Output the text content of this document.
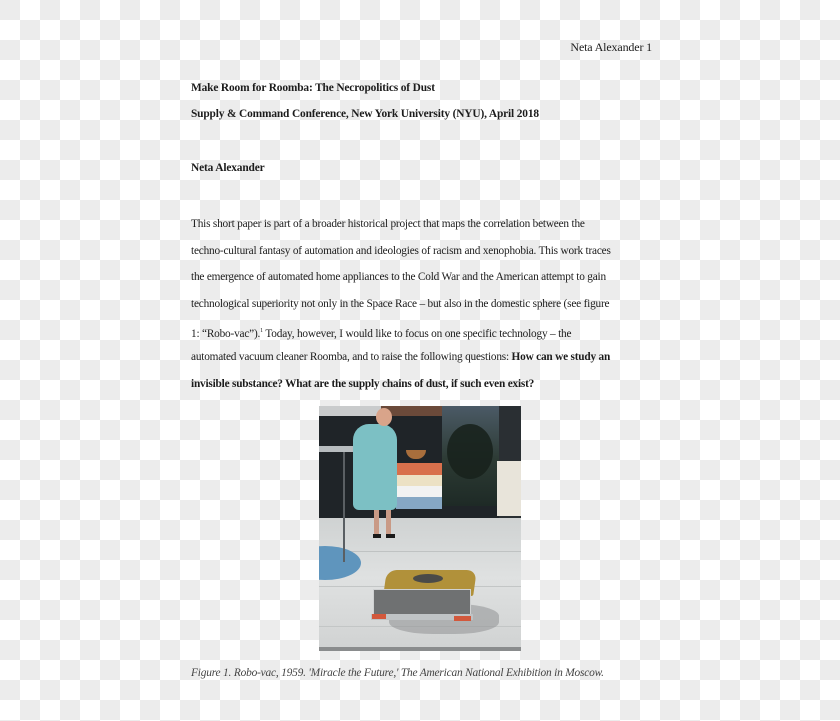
Neta Alexander 1
Make Room for Roomba: The Necropolitics of Dust
Supply & Command Conference, New York University (NYU), April 2018
Neta Alexander
This short paper is part of a broader historical project that maps the correlation between the
techno-cultural fantasy of automation and ideologies of racism and xenophobia. This work traces
the emergence of automated home appliances to the Cold War and the American attempt to gain
technological superiority not only in the Space Race – but also in the domestic sphere (see figure
1: “Robo-vac”).$^1$ Today, however, I would like to focus on one specific technology – the
automated vacuum cleaner Roomba, and to raise the following questions: How can we study an
invisible substance? What are the supply chains of dust, if such even exist?
Figure 1. Robo-vac, 1959. 'Miracle the Future,' The American National Exhibition in Moscow.
